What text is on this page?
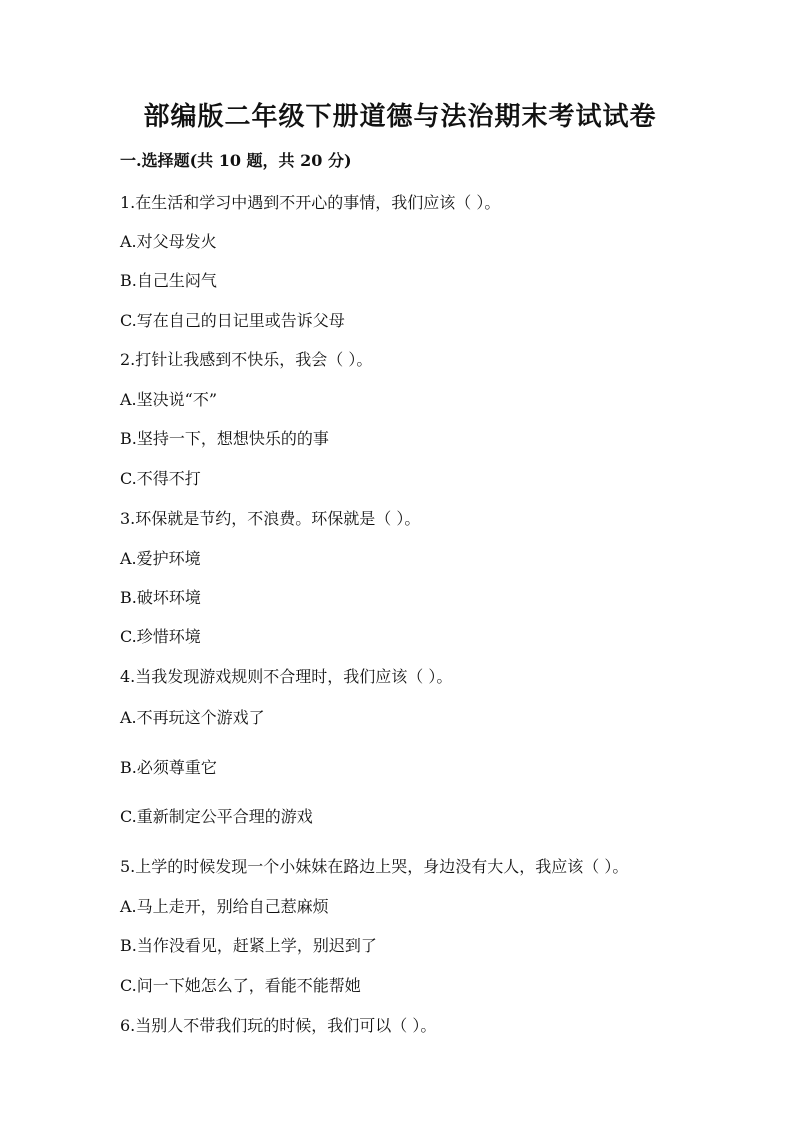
部编版二年级下册道德与法治期末考试试卷
一.选择题(共 10 题，共 20 分)
1.在生活和学习中遇到不开心的事情，我们应该（ ）。
A.对父母发火
B.自己生闷气
C.写在自己的日记里或告诉父母
2.打针让我感到不快乐，我会（ ）。
A.坚决说“不”
B.坚持一下，想想快乐的的事
C.不得不打
3.环保就是节约，不浪费。环保就是（ ）。
A.爱护环境
B.破坏环境
C.珍惜环境
4.当我发现游戏规则不合理时，我们应该（ ）。
A.不再玩这个游戏了
B.必须尊重它
C.重新制定公平合理的游戏
5.上学的时候发现一个小妹妹在路边上哭，身边没有大人，我应该（ ）。
A.马上走开，别给自己惹麻烦
B.当作没看见，赶紧上学，别迟到了
C.问一下她怎么了，看能不能帮她
6.当别人不带我们玩的时候，我们可以（ ）。
